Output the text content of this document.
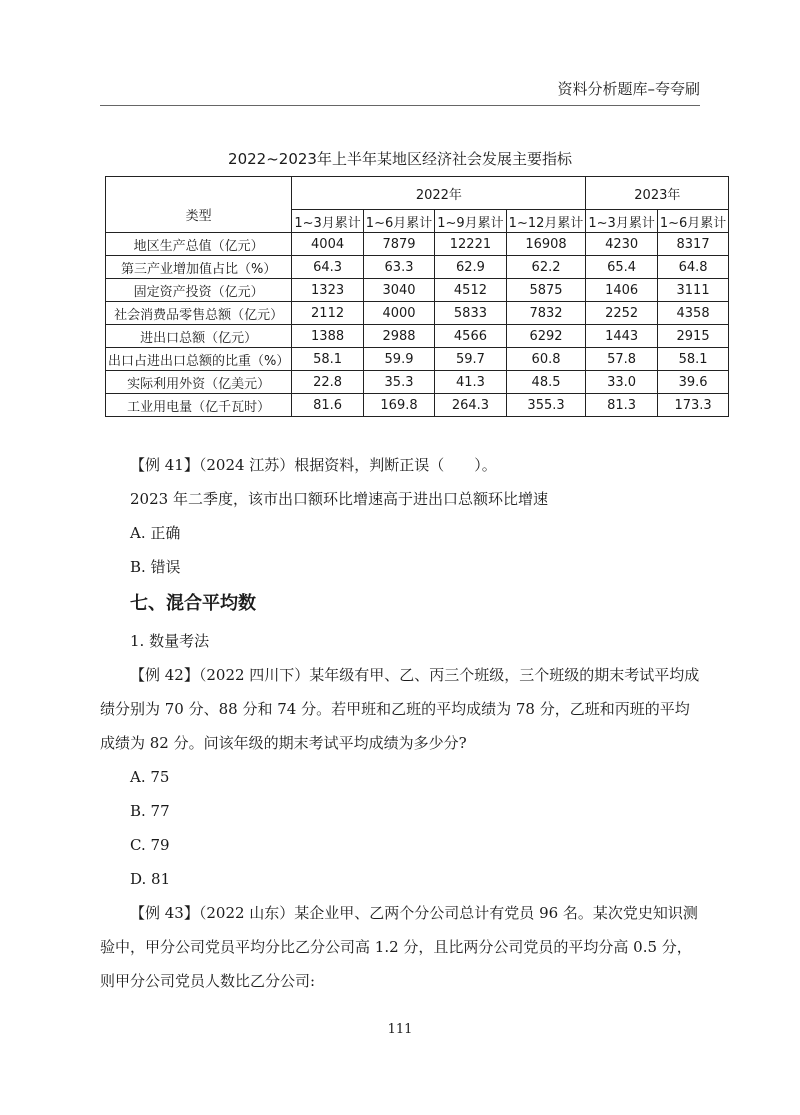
资料分析题库–夸夸刷
2022~2023年上半年某地区经济社会发展主要指标
类型	2022年				2023年	
	1~3月累计	1~6月累计	1~9月累计	1~12月累计	1~3月累计	1~6月累计
地区生产总值（亿元）	4004	7879	12221	16908	4230	8317
第三产业增加值占比（%）	64.3	63.3	62.9	62.2	65.4	64.8
固定资产投资（亿元）	1323	3040	4512	5875	1406	3111
社会消费品零售总额（亿元）	2112	4000	5833	7832	2252	4358
进出口总额（亿元）	1388	2988	4566	6292	1443	2915
出口占进出口总额的比重（%）	58.1	59.9	59.7	60.8	57.8	58.1
实际利用外资（亿美元）	22.8	35.3	41.3	48.5	33.0	39.6
工业用电量（亿千瓦时）	81.6	169.8	264.3	355.3	81.3	173.3

【例 41】（2024 江苏）根据资料，判断正误（　　）。

2023 年二季度，该市出口额环比增速高于进出口总额环比增速

A. 正确

B. 错误

七、混合平均数

1. 数量考法

【例 42】（2022 四川下）某年级有甲、乙、丙三个班级，三个班级的期末考试平均成绩分别为 70 分、88 分和 74 分。若甲班和乙班的平均成绩为 78 分，乙班和丙班的平均成绩为 82 分。问该年级的期末考试平均成绩为多少分?

A. 75

B. 77

C. 79

D. 81

【例 43】（2022 山东）某企业甲、乙两个分公司总计有党员 96 名。某次党史知识测验中，甲分公司党员平均分比乙分公司高 1.2 分，且比两分公司党员的平均分高 0.5 分，则甲分公司党员人数比乙分公司:

111
